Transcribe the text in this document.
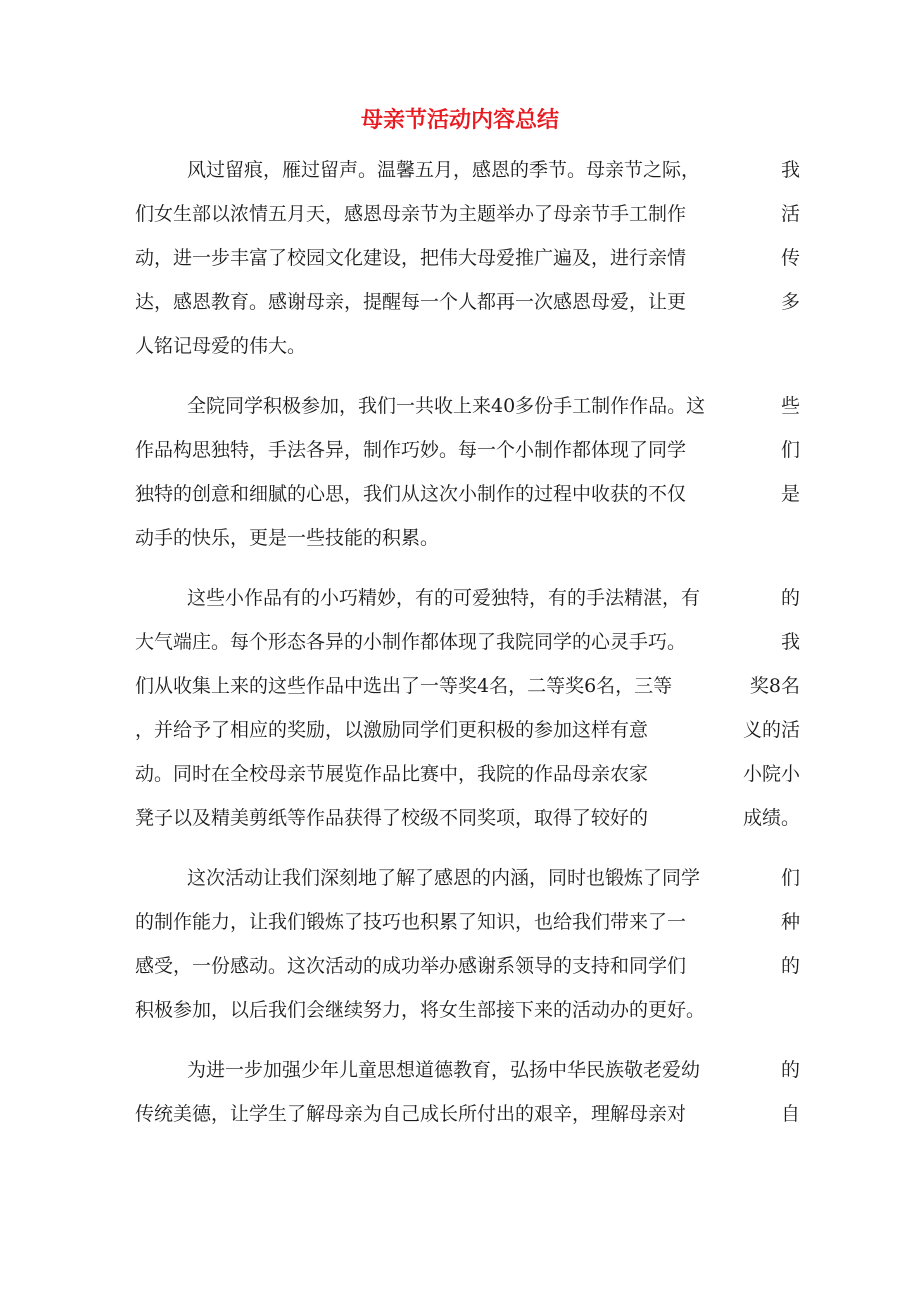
母亲节活动内容总结
风过留痕，雁过留声。温馨五月，感恩的季节。母亲节之际，	我
们女生部以浓情五月天，感恩母亲节为主题举办了母亲节手工制作	活
动，进一步丰富了校园文化建设，把伟大母爱推广遍及，进行亲情	传
达，感恩教育。感谢母亲，提醒每一个人都再一次感恩母爱，让更	多
人铭记母爱的伟大。
全院同学积极参加，我们一共收上来40多份手工制作作品。这	些
作品构思独特，手法各异，制作巧妙。每一个小制作都体现了同学	们
独特的创意和细腻的心思，我们从这次小制作的过程中收获的不仅	是
动手的快乐，更是一些技能的积累。
这些小作品有的小巧精妙，有的可爱独特，有的手法精湛，有	的
大气端庄。每个形态各异的小制作都体现了我院同学的心灵手巧。	我
们从收集上来的这些作品中选出了一等奖4名，二等奖6名，三等	奖8名
，并给予了相应的奖励，以激励同学们更积极的参加这样有意	义的活
动。同时在全校母亲节展览作品比赛中，我院的作品母亲农家	小院小
凳子以及精美剪纸等作品获得了校级不同奖项，取得了较好的	成绩。
这次活动让我们深刻地了解了感恩的内涵，同时也锻炼了同学	们
的制作能力，让我们锻炼了技巧也积累了知识，也给我们带来了一	种
感受，一份感动。这次活动的成功举办感谢系领导的支持和同学们	的
积极参加，以后我们会继续努力，将女生部接下来的活动办的更好。
为进一步加强少年儿童思想道德教育，弘扬中华民族敬老爱幼	的
传统美德，让学生了解母亲为自己成长所付出的艰辛，理解母亲对	自
